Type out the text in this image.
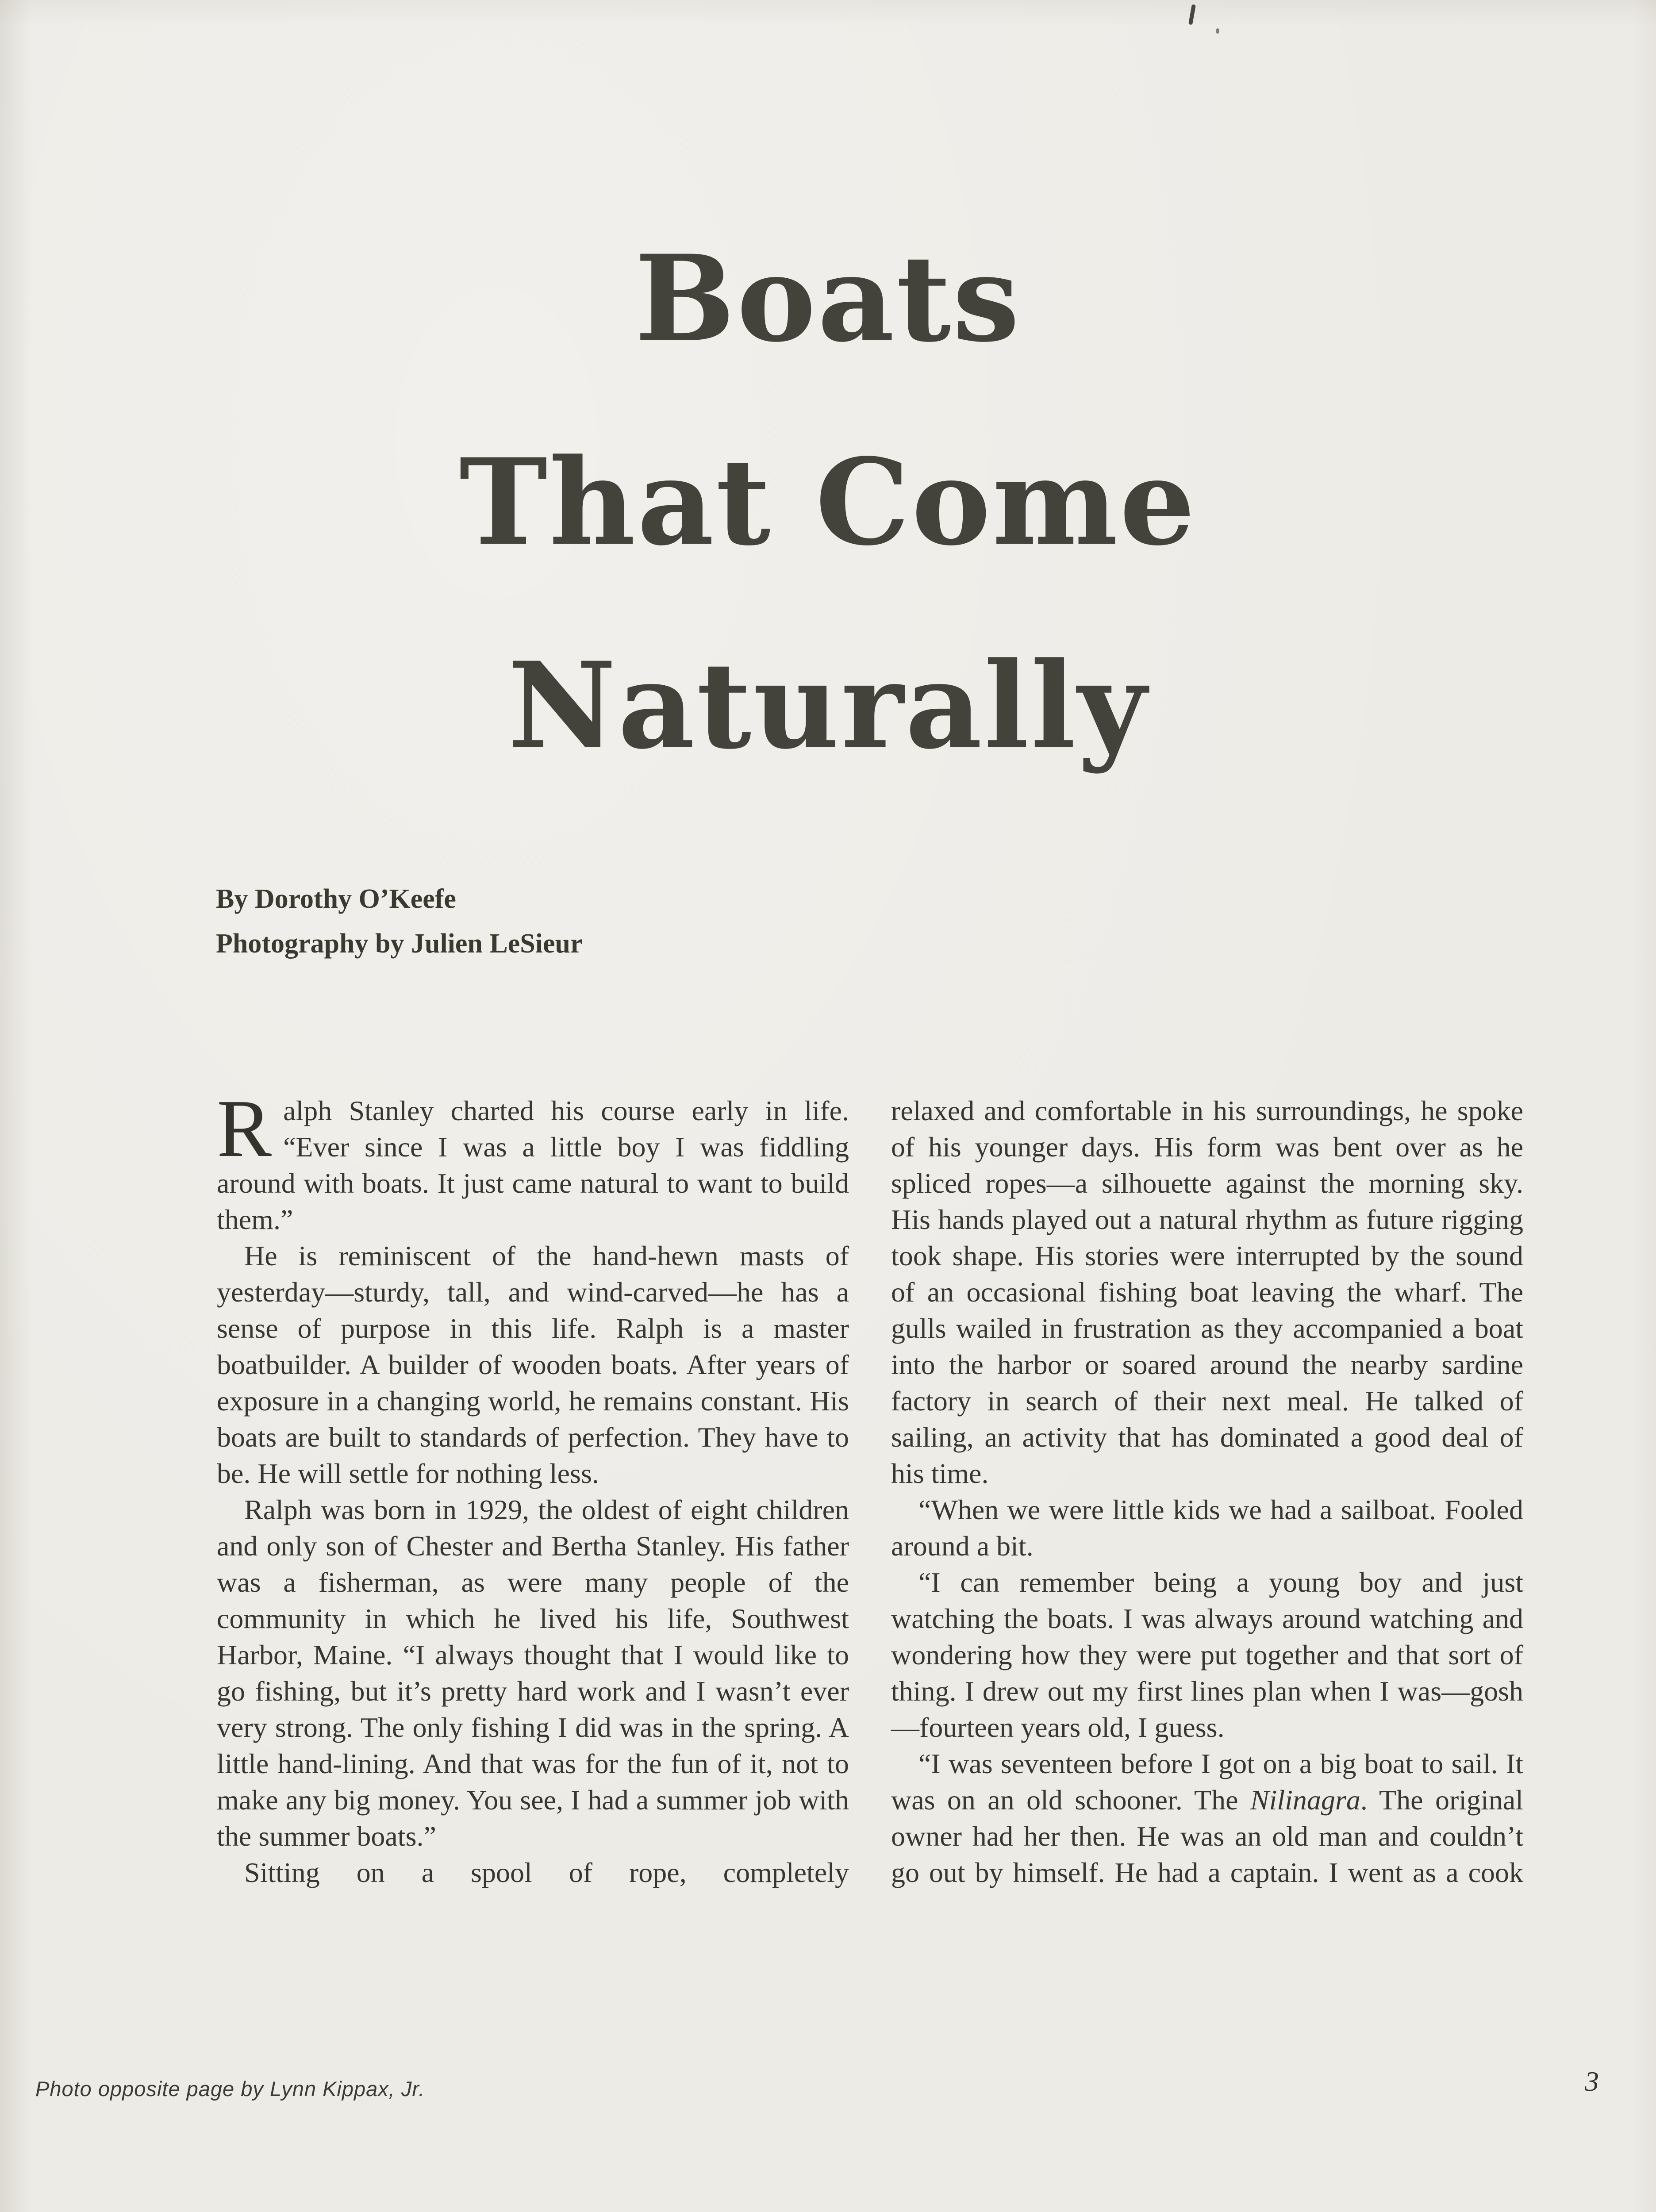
Boats
That Come
Naturally
By Dorothy O’Keefe
Photography by Julien LeSieur

Ralph Stanley charted his course early in life. “Ever since I was a little boy I was fiddling around with boats. It just came natural to want to build them.”

He is reminiscent of the hand-hewn masts of yesterday—sturdy, tall, and wind-carved—he has a sense of purpose in this life. Ralph is a master boatbuilder. A builder of wooden boats. After years of exposure in a changing world, he remains constant. His boats are built to standards of perfection. They have to be. He will settle for nothing less.

Ralph was born in 1929, the oldest of eight children and only son of Chester and Bertha Stanley. His father was a fisherman, as were many people of the community in which he lived his life, Southwest Harbor, Maine. “I always thought that I would like to go fishing, but it’s pretty hard work and I wasn’t ever very strong. The only fishing I did was in the spring. A little hand-lining. And that was for the fun of it, not to make any big money. You see, I had a summer job with the summer boats.”

Sitting on a spool of rope, completely

relaxed and comfortable in his surroundings, he spoke of his younger days. His form was bent over as he spliced ropes—a silhouette against the morning sky. His hands played out a natural rhythm as future rigging took shape. His stories were interrupted by the sound of an occasional fishing boat leaving the wharf. The gulls wailed in frustration as they accompanied a boat into the harbor or soared around the nearby sardine factory in search of their next meal. He talked of sailing, an activity that has dominated a good deal of his time.

“When we were little kids we had a sailboat. Fooled around a bit.

“I can remember being a young boy and just watching the boats. I was always around watching and wondering how they were put together and that sort of thing. I drew out my first lines plan when I was—gosh—fourteen years old, I guess.

“I was seventeen before I got on a big boat to sail. It was on an old schooner. The Nilinagra. The original owner had her then. He was an old man and couldn’t go out by himself. He had a captain. I went as a cook

Photo opposite page by Lynn Kippax, Jr.	3
